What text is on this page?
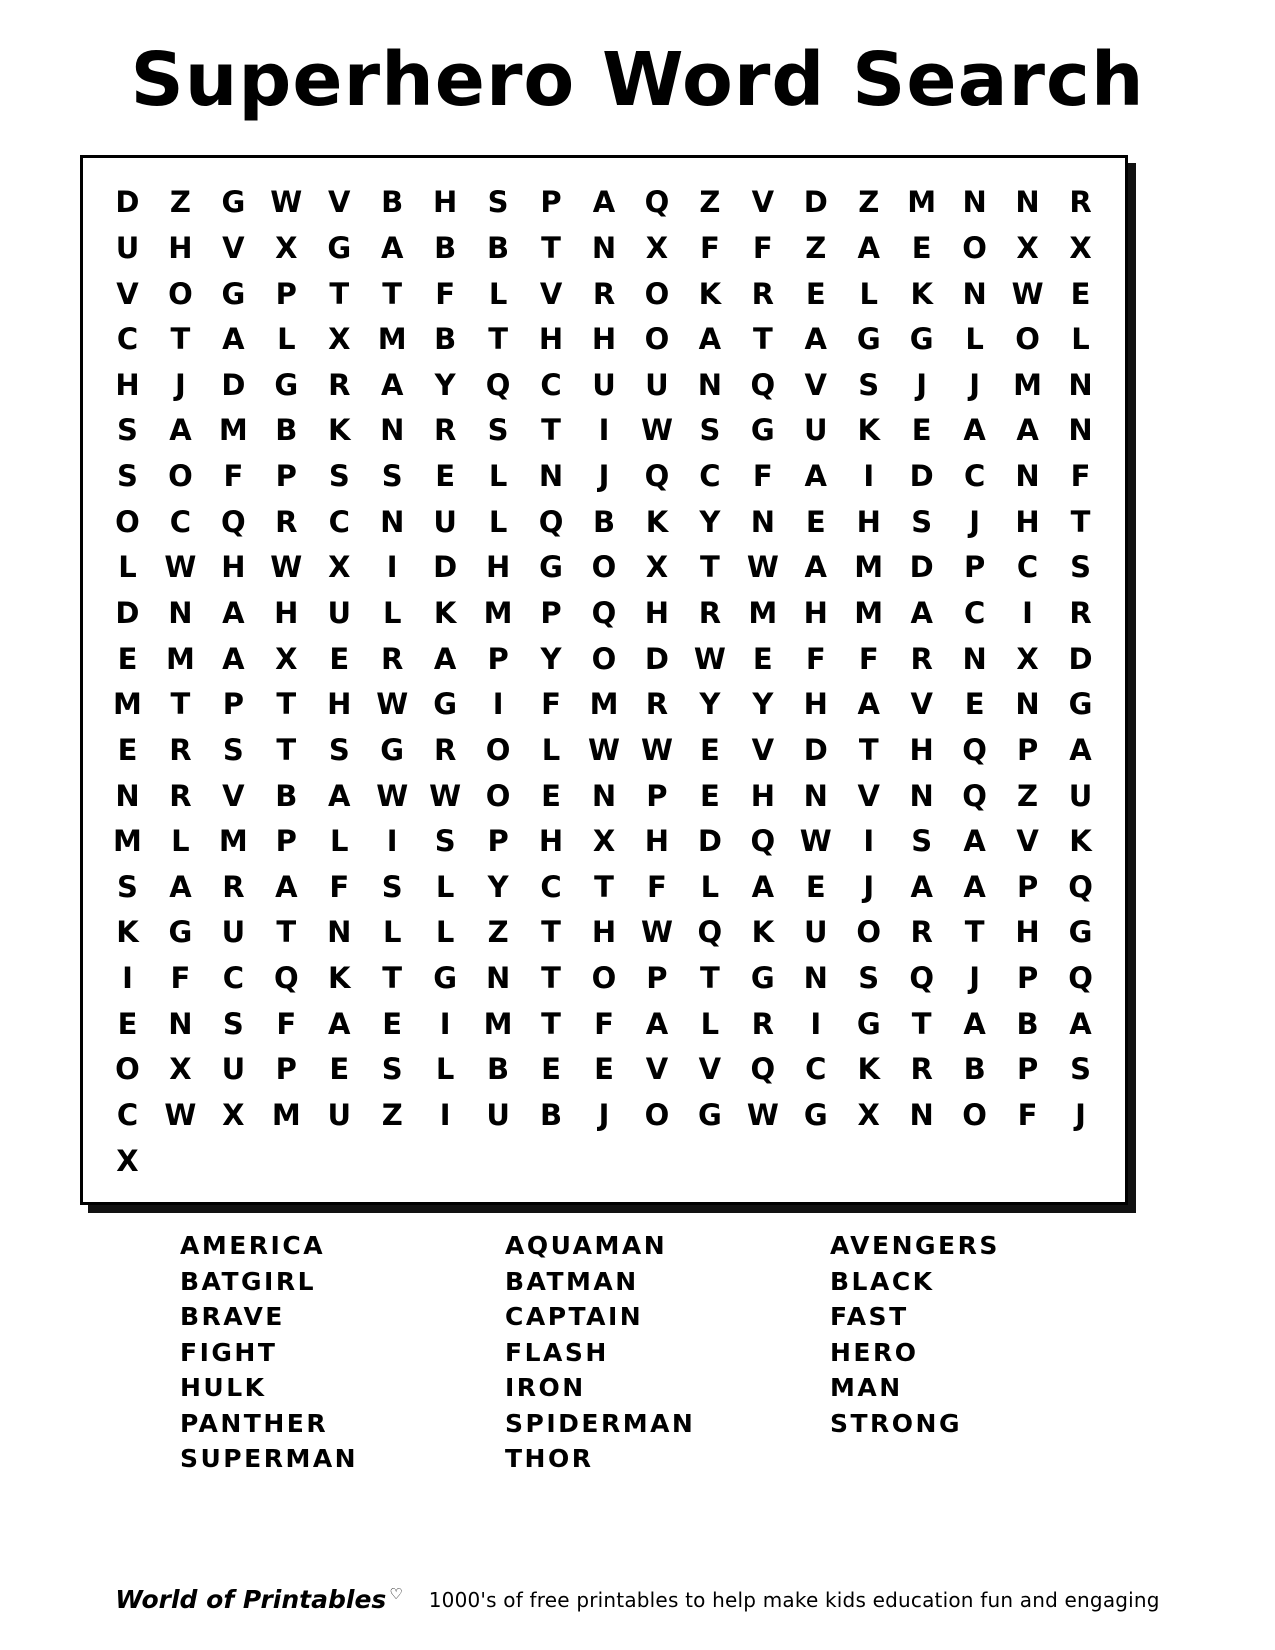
Superhero Word Search
D Z G W V B H S P A Q Z V D Z M N N R
U H V X G A B B T N X F F Z A E O X X
V O G P T T F L V R O K R E L K N W E
C T A L X M B T H H O A T A G G L O L
H J D G R A Y Q C U U N Q V S J J M N
S A M B K N R S T I W S G U K E A A N
S O F P S S E L N J Q C F A I D C N F
O C Q R C N U L Q B K Y N E H S J H T
L W H W X I D H G O X T W A M D P C S
D N A H U L K M P Q H R M H M A C I R
E M A X E R A P Y O D W E F F R N X D
M T P T H W G I F M R Y Y H A V E N G
E R S T S G R O L W W E V D T H Q P A
N R V B A W W O E N P E H N V N Q Z U
M L M P L I S P H X H D Q W I S A V K
S A R A F S L Y C T F L A E J A A P Q
K G U T N L L Z T H W Q K U O R T H G
I F C Q K T G N T O P T G N S Q J P Q
E N S F A E I M T F A L R I G T A B A
O X U P E S L B E E V V Q C K R B P S
C W X M U Z I U B J O G W G X N O F J
X
AMERICA
BATGIRL
BRAVE
FIGHT
HULK
PANTHER
SUPERMAN
AQUAMAN
BATMAN
CAPTAIN
FLASH
IRON
SPIDERMAN
THOR
AVENGERS
BLACK
FAST
HERO
MAN
STRONG
World of Printables ♡ 1000's of free printables to help make kids education fun and engaging
